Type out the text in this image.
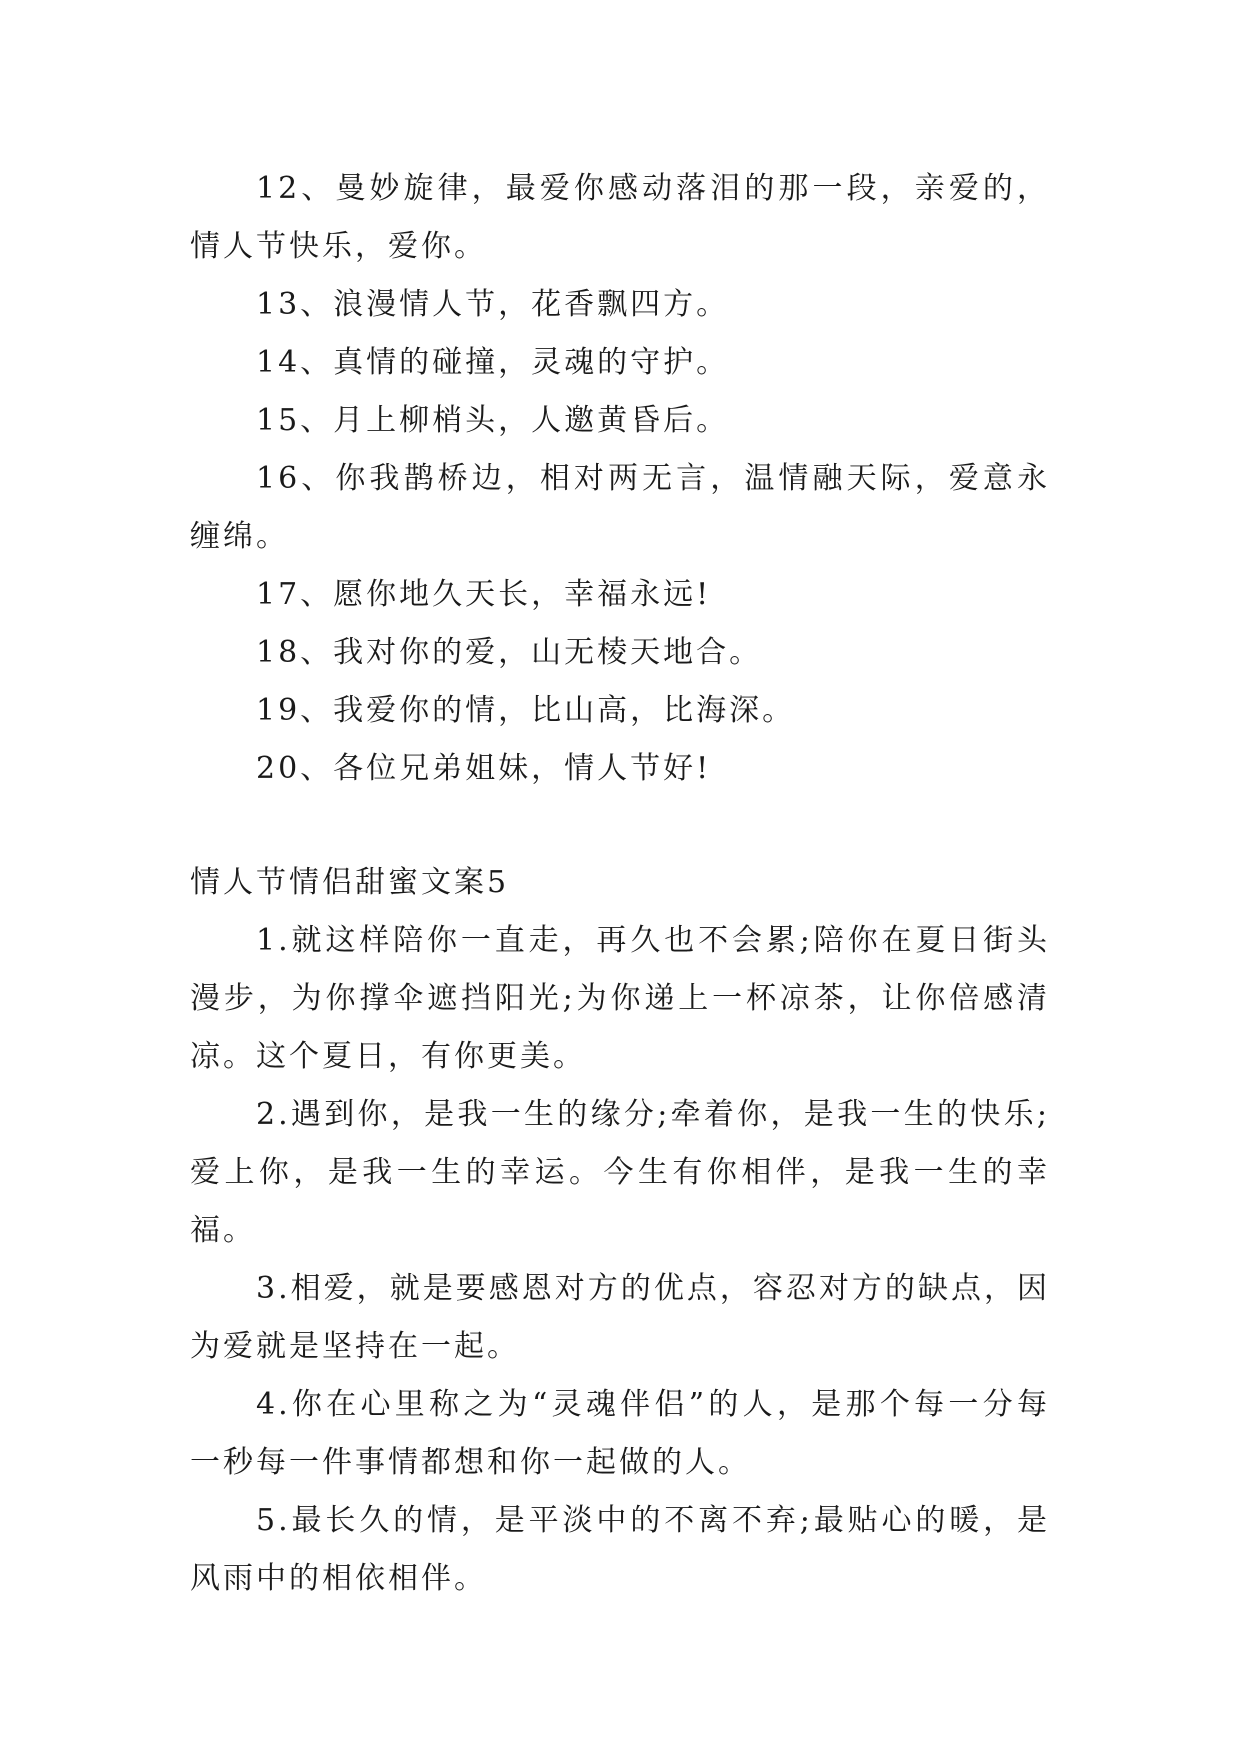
12、曼妙旋律，最爱你感动落泪的那一段，亲爱的，情人节快乐，爱你。

13、浪漫情人节，花香飘四方。

14、真情的碰撞，灵魂的守护。

15、月上柳梢头，人邀黄昏后。

16、你我鹊桥边，相对两无言，温情融天际，爱意永缠绵。

17、愿你地久天长，幸福永远!

18、我对你的爱，山无棱天地合。

19、我爱你的情，比山高，比海深。

20、各位兄弟姐妹，情人节好!

情人节情侣甜蜜文案5

1.就这样陪你一直走，再久也不会累;陪你在夏日街头漫步，为你撑伞遮挡阳光;为你递上一杯凉茶，让你倍感清凉。这个夏日，有你更美。

2.遇到你，是我一生的缘分;牵着你，是我一生的快乐;爱上你，是我一生的幸运。今生有你相伴，是我一生的幸福。

3.相爱，就是要感恩对方的优点，容忍对方的缺点，因为爱就是坚持在一起。

4.你在心里称之为“灵魂伴侣”的人，是那个每一分每一秒每一件事情都想和你一起做的人。

5.最长久的情，是平淡中的不离不弃;最贴心的暖，是风雨中的相依相伴。
